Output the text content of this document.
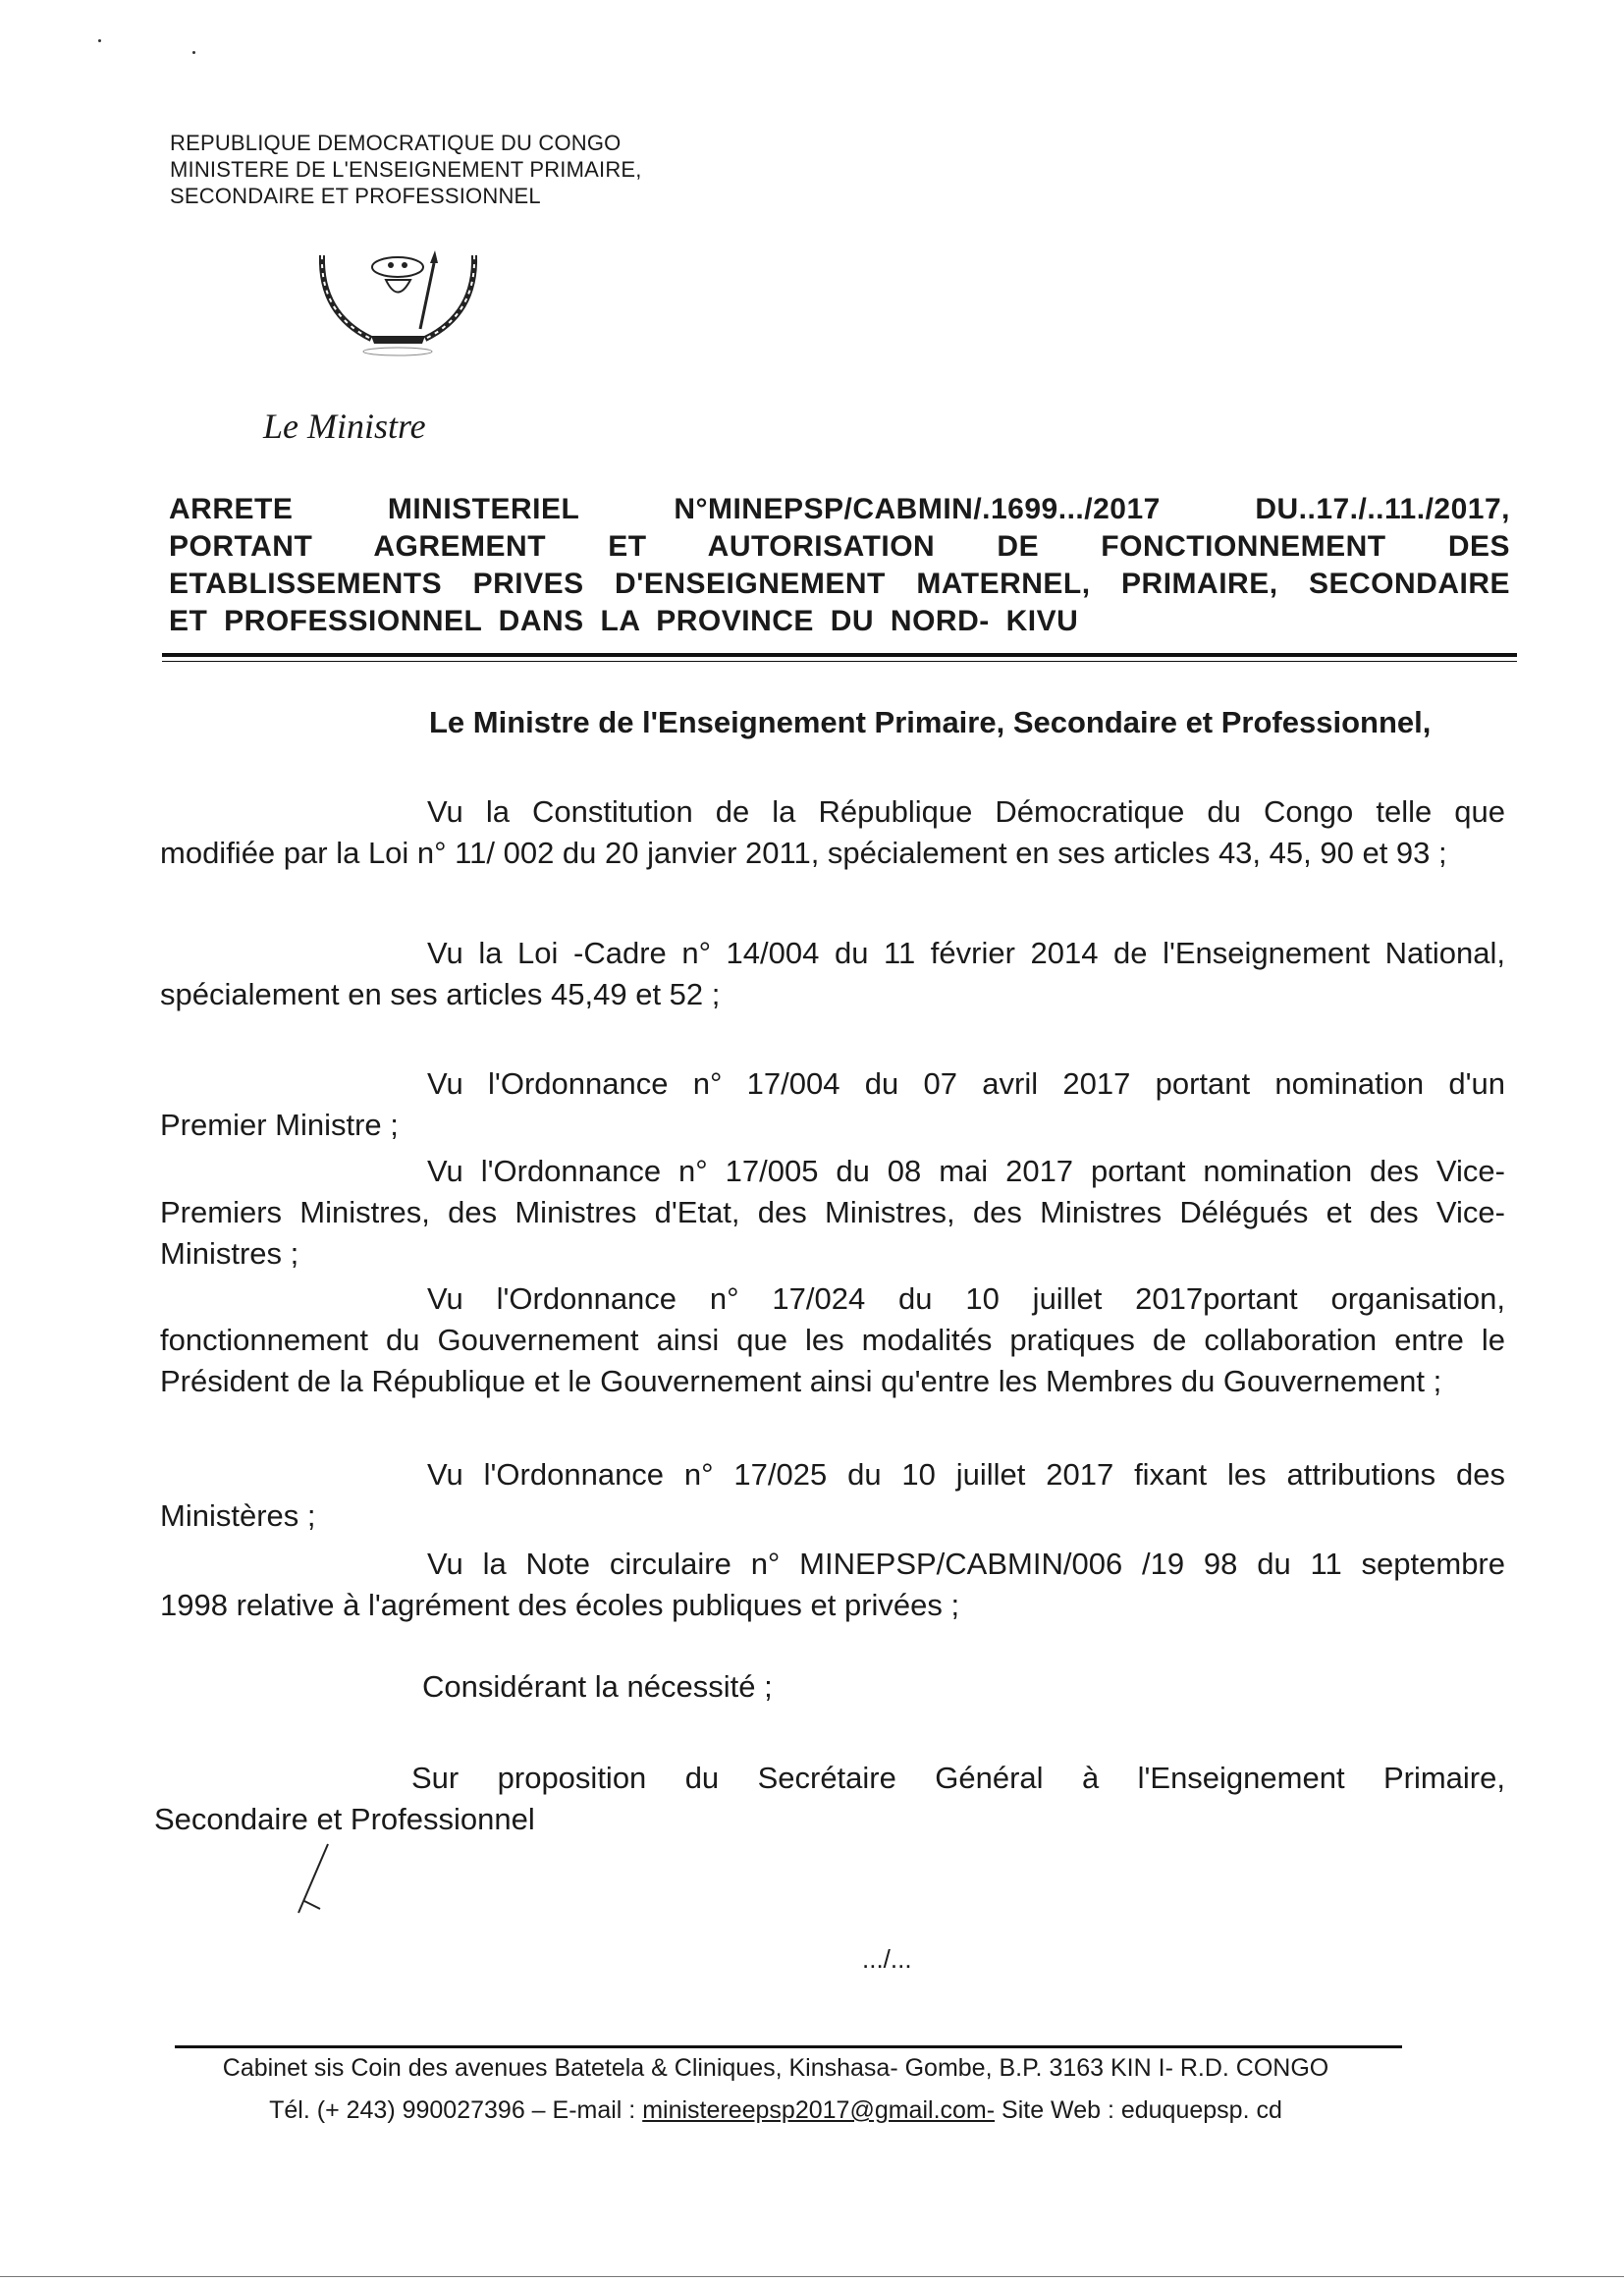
REPUBLIQUE DEMOCRATIQUE DU CONGO
MINISTERE DE L'ENSEIGNEMENT PRIMAIRE,
SECONDAIRE ET PROFESSIONNEL
Le Ministre
ARRETE	MINISTERIEL	N°MINEPSP/CABMIN/.1699.../2017	DU..17./..11./2017,
PORTANT AGREMENT ET AUTORISATION DE FONCTIONNEMENT DES
ETABLISSEMENTS PRIVES D'ENSEIGNEMENT MATERNEL, PRIMAIRE, SECONDAIRE
ET PROFESSIONNEL DANS LA PROVINCE DU NORD- KIVU
Le Ministre de l'Enseignement Primaire, Secondaire et Professionnel,
Vu la Constitution de la République Démocratique du Congo telle que
modifiée par la Loi n° 11/ 002 du 20 janvier 2011, spécialement en ses articles 43, 45, 90 et 93 ;
Vu la Loi -Cadre n° 14/004 du 11 février 2014 de l'Enseignement National,
spécialement en ses articles 45,49 et 52 ;
Vu l'Ordonnance n° 17/004 du 07 avril 2017 portant nomination d'un
Premier Ministre ;
Vu l'Ordonnance n° 17/005 du 08 mai 2017 portant nomination des Vice-
Premiers Ministres, des Ministres d'Etat, des Ministres, des Ministres Délégués et des Vice-
Ministres ;
Vu l'Ordonnance n° 17/024 du 10 juillet 2017portant organisation,
fonctionnement du Gouvernement ainsi que les modalités pratiques de collaboration entre le
Président de la République et le Gouvernement ainsi qu'entre les Membres du Gouvernement ;
Vu l'Ordonnance n° 17/025 du 10 juillet 2017 fixant les attributions des
Ministères ;
Vu la Note circulaire n° MINEPSP/CABMIN/006 /19 98 du 11 septembre
1998 relative à l'agrément des écoles publiques et privées ;
Considérant la nécessité ;
Sur proposition du Secrétaire Général à l'Enseignement Primaire,
Secondaire et Professionnel
.../...
Cabinet sis Coin des avenues Batetela & Cliniques, Kinshasa- Gombe, B.P. 3163 KIN I- R.D. CONGO
Tél. (+ 243) 990027396 – E-mail : ministereepsp2017@gmail.com- Site Web : eduquepsp. cd
